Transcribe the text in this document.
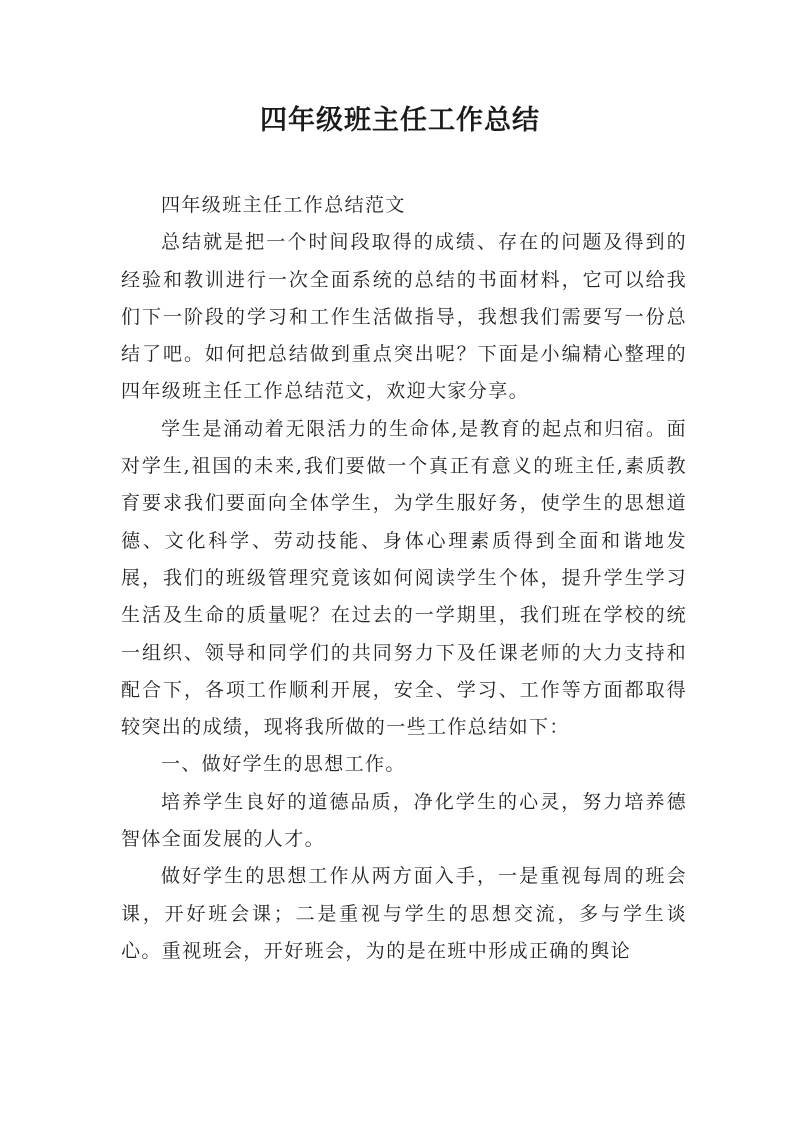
四年级班主任工作总结

四年级班主任工作总结范文

总结就是把一个时间段取得的成绩、存在的问题及得到的经验和教训进行一次全面系统的总结的书面材料，它可以给我们下一阶段的学习和工作生活做指导，我想我们需要写一份总结了吧。如何把总结做到重点突出呢？下面是小编精心整理的四年级班主任工作总结范文，欢迎大家分享。

学生是涌动着无限活力的生命体,是教育的起点和归宿。面对学生,祖国的未来,我们要做一个真正有意义的班主任,素质教育要求我们要面向全体学生，为学生服好务，使学生的思想道德、文化科学、劳动技能、身体心理素质得到全面和谐地发展，我们的班级管理究竟该如何阅读学生个体，提升学生学习生活及生命的质量呢？在过去的一学期里，我们班在学校的统一组织、领导和同学们的共同努力下及任课老师的大力支持和配合下，各项工作顺利开展，安全、学习、工作等方面都取得较突出的成绩，现将我所做的一些工作总结如下：

一、做好学生的思想工作。

培养学生良好的道德品质，净化学生的心灵，努力培养德智体全面发展的人才。

做好学生的思想工作从两方面入手，一是重视每周的班会课，开好班会课；二是重视与学生的思想交流，多与学生谈心。重视班会，开好班会，为的是在班中形成正确的舆论
